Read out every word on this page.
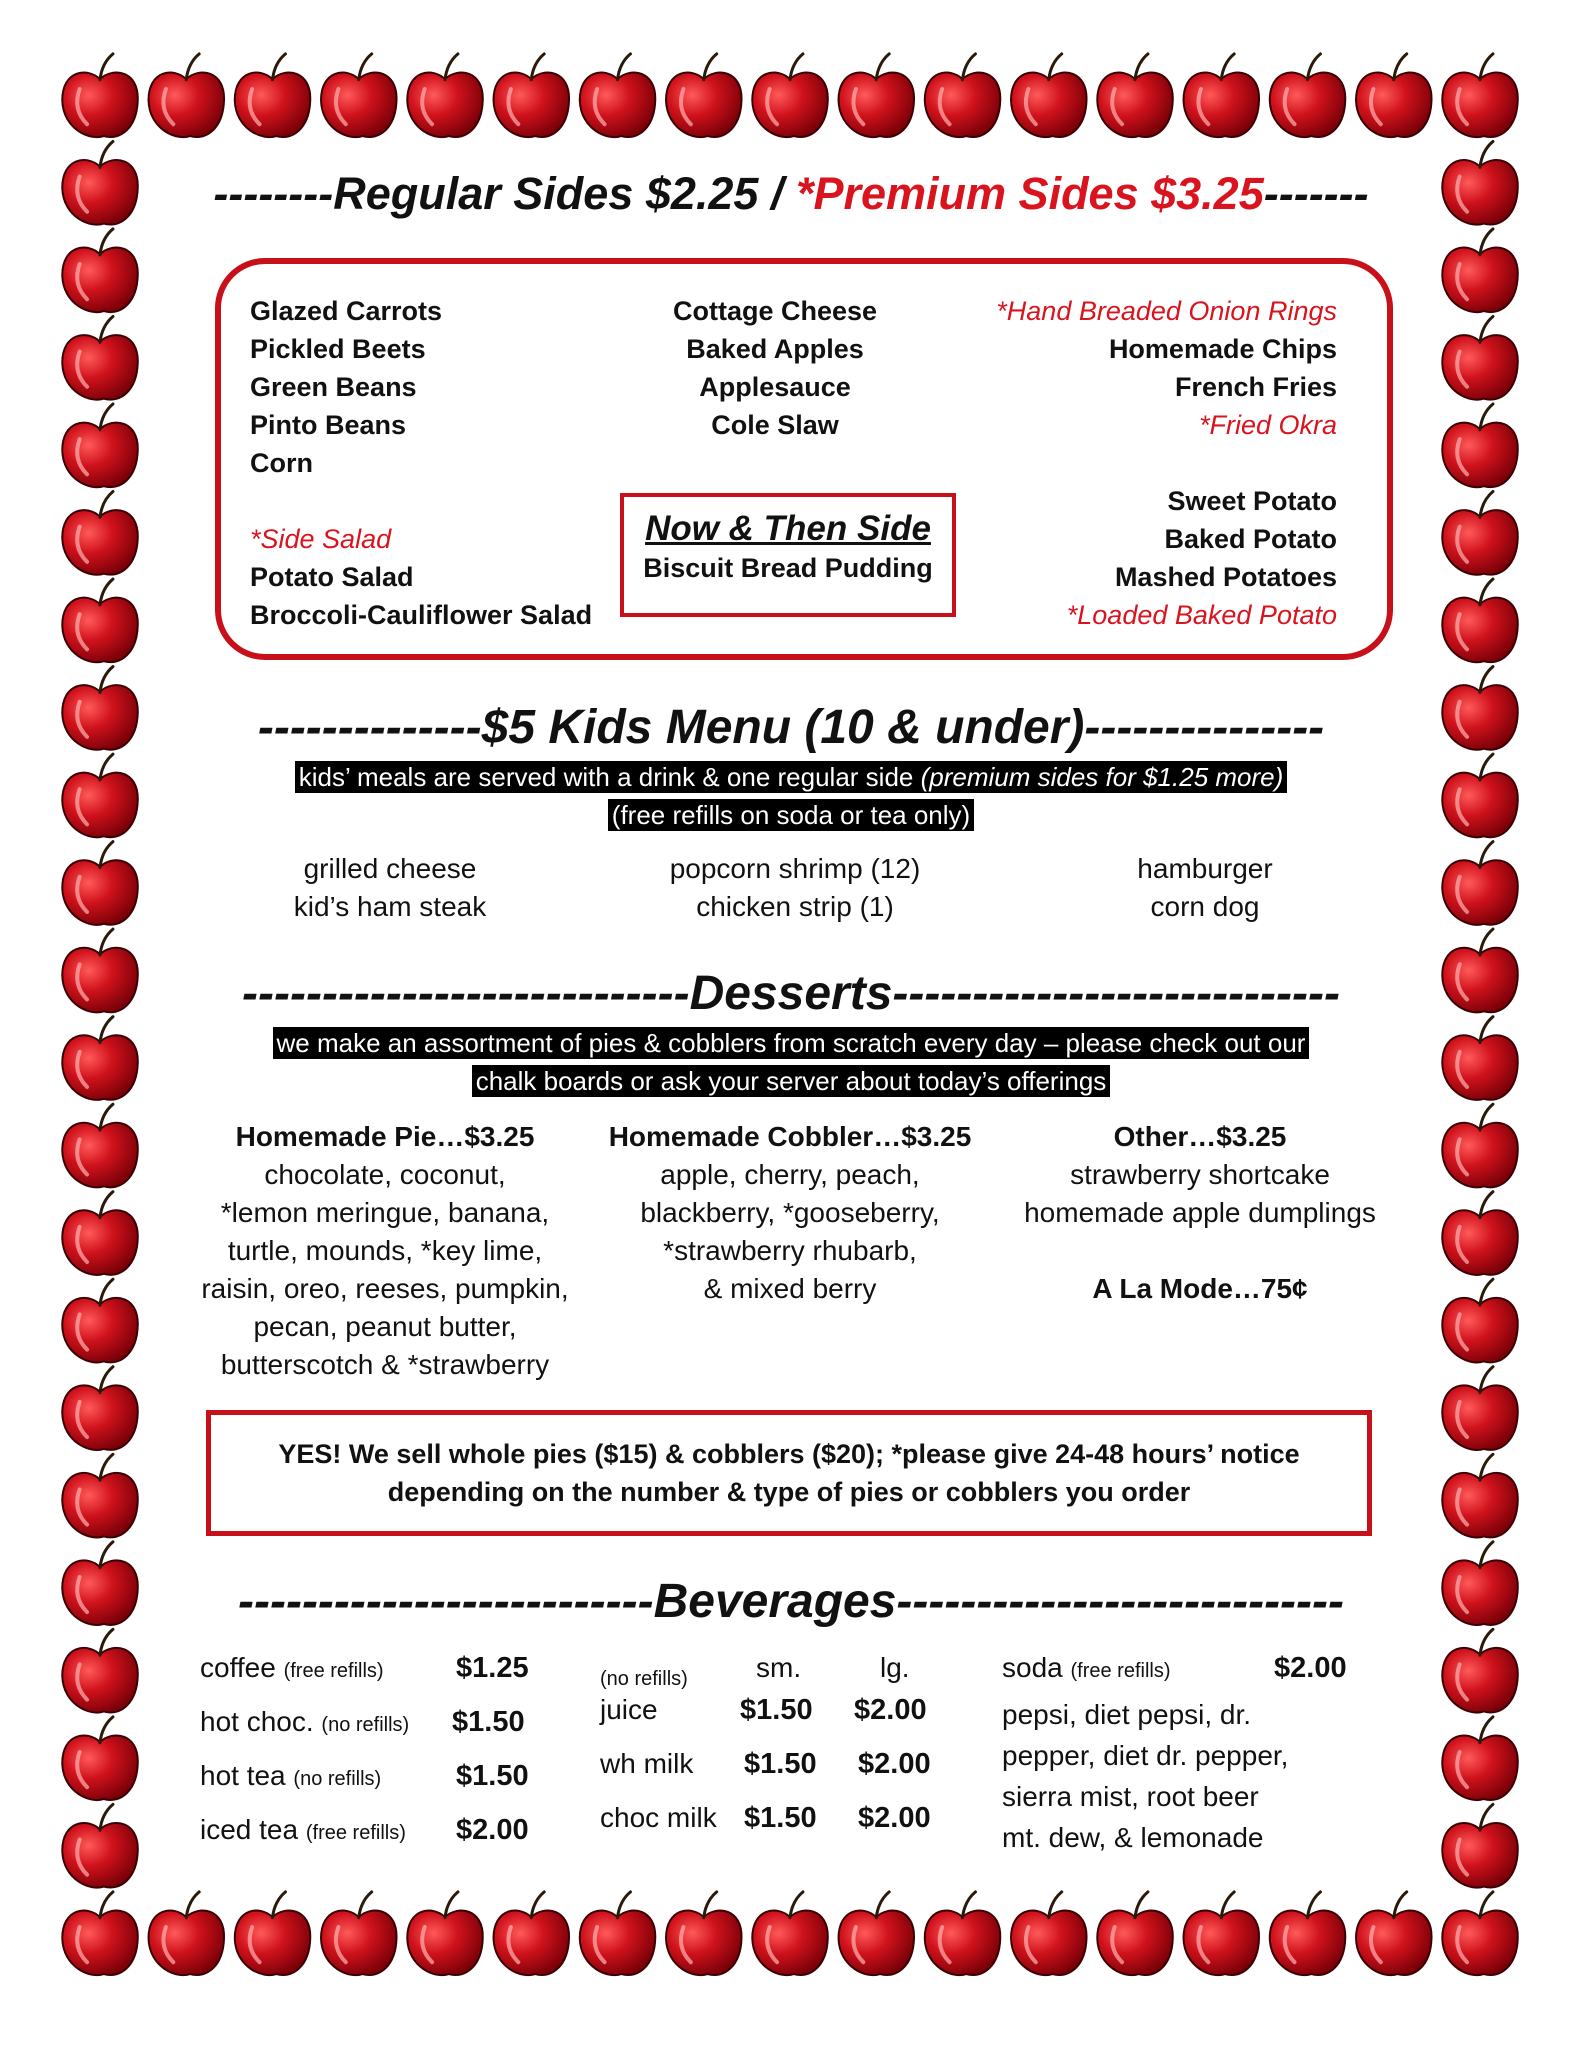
--------Regular Sides $2.25 / *Premium Sides $3.25-------
Glazed Carrots
Pickled Beets
Green Beans
Pinto Beans
Corn
*Side Salad
Potato Salad
Broccoli-Cauliflower Salad
Cottage Cheese
Baked Apples
Applesauce
Cole Slaw
*Hand Breaded Onion Rings
Homemade Chips
French Fries
*Fried Okra
Sweet Potato
Baked Potato
Mashed Potatoes
*Loaded Baked Potato
Now & Then Side
Biscuit Bread Pudding
--------------$5 Kids Menu (10 & under)---------------
kids’ meals are served with a drink & one regular side (premium sides for $1.25 more)
(free refills on soda or tea only)
grilled cheese
kid’s ham steak
popcorn shrimp (12)
chicken strip (1)
hamburger
corn dog
----------------------------Desserts----------------------------
we make an assortment of pies & cobblers from scratch every day – please check out our
chalk boards or ask your server about today’s offerings
Homemade Pie…$3.25
chocolate, coconut,
*lemon meringue, banana,
turtle, mounds, *key lime,
raisin, oreo, reeses, pumpkin,
pecan, peanut butter,
butterscotch & *strawberry
Homemade Cobbler…$3.25
apple, cherry, peach,
blackberry, *gooseberry,
*strawberry rhubarb,
& mixed berry
Other…$3.25
strawberry shortcake
homemade apple dumplings
A La Mode…75¢
YES! We sell whole pies ($15) & cobblers ($20); *please give 24-48 hours’ notice
depending on the number & type of pies or cobblers you order
--------------------------Beverages----------------------------
coffee (free refills) $1.25
hot choc. (no refills) $1.50
hot tea (no refills)	$1.50
iced tea (free refills) $2.00
(no refills) sm.	lg.
juice	$1.50 $2.00
wh milk $1.50 $2.00
choc milk $1.50 $2.00
soda (free refills)	$2.00
pepsi, diet pepsi, dr.
pepper, diet dr. pepper,
sierra mist, root beer
mt. dew, & lemonade
